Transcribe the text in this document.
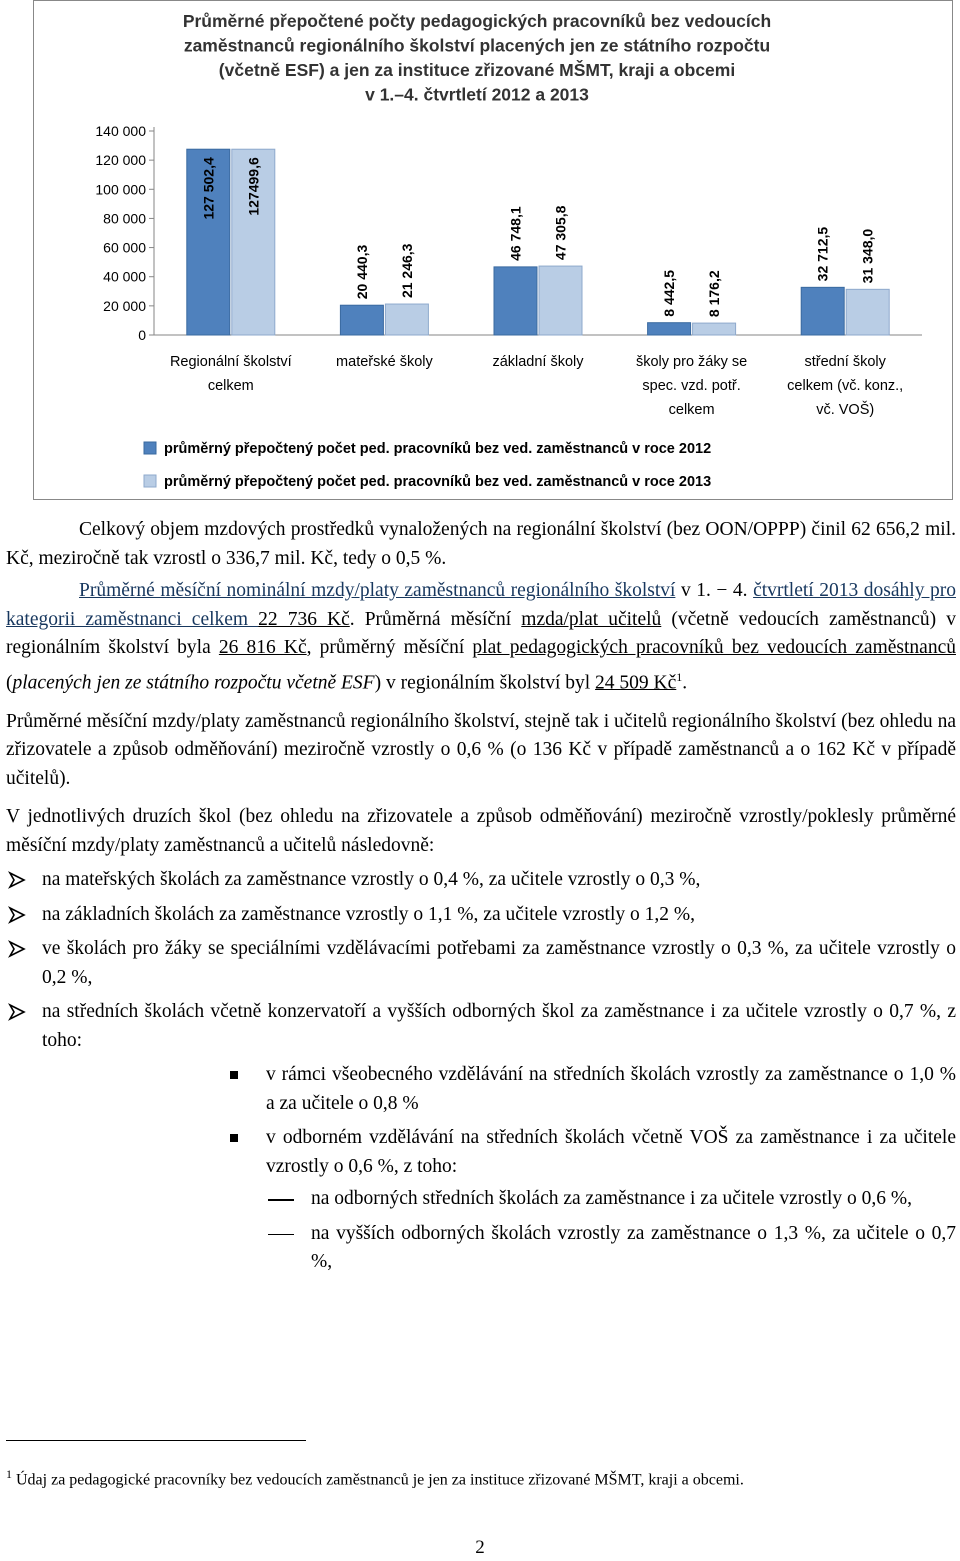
Průměrné přepočtené počty pedagogických pracovníků bez vedoucích
zaměstnanců regionálního školství placených jen ze státního rozpočtu
(včetně ESF) a jen za instituce zřizované MŠMT, kraji a obcemi
v 1.–4. čtvrtletí 2012 a 2013
0
20 000
40 000
60 000
80 000
100 000
120 000
140 000
127 502,4 127499,6
Regionální školství
celkem
20 440,3 21 246,3
mateřské školy
46 748,1 47 305,8
základní školy
8 442,5 8 176,2
školy pro žáky se
spec. vzd. potř.
celkem
32 712,5 31 348,0
střední školy
celkem (vč. konz.,
vč. VOŠ)
průměrný přepočtený počet ped. pracovníků bez ved. zaměstnanců v roce 2012
průměrný přepočtený počet ped. pracovníků bez ved. zaměstnanců v roce 2013

Celkový objem mzdových prostředků vynaložených na regionální školství (bez OON/OPPP) činil 62 656,2 mil. Kč, meziročně tak vzrostl o 336,7 mil. Kč, tedy o 0,5 %.

Průměrné měsíční nominální mzdy/platy zaměstnanců regionálního školství v 1. − 4. čtvrtletí 2013 dosáhly pro kategorii zaměstnanci celkem 22 736 Kč. Průměrná měsíční mzda/plat učitelů (včetně vedoucích zaměstnanců) v regionálním školství byla 26 816 Kč, průměrný měsíční plat pedagogických pracovníků bez vedoucích zaměstnanců (placených jen ze státního rozpočtu včetně ESF) v regionálním školství byl 24 509 $Kč^1$.

Průměrné měsíční mzdy/platy zaměstnanců regionálního školství, stejně tak i učitelů regionálního školství (bez ohledu na zřizovatele a způsob odměňování) meziročně vzrostly o 0,6 % (o 136 Kč v případě zaměstnanců a o 162 Kč v případě učitelů).

V jednotlivých druzích škol (bez ohledu na zřizovatele a způsob odměňování) meziročně vzrostly/poklesly průměrné měsíční mzdy/platy zaměstnanců a učitelů následovně:

na mateřských školách za zaměstnance vzrostly o 0,4 %, za učitele vzrostly o 0,3 %,
na základních školách za zaměstnance vzrostly o 1,1 %, za učitele vzrostly o 1,2 %,
ve školách pro žáky se speciálními vzdělávacími potřebami za zaměstnance vzrostly o 0,3 %, za učitele vzrostly o 0,2 %,
na středních školách včetně konzervatoří a vyšších odborných škol za zaměstnance i za učitele vzrostly o 0,7 %, z toho:
v rámci všeobecného vzdělávání na středních školách vzrostly za zaměstnance o 1,0 % a za učitele o 0,8 %
v odborném vzdělávání na středních školách včetně VOŠ za zaměstnance i za učitele vzrostly o 0,6 %, z toho:
na odborných středních školách za zaměstnance i za učitele vzrostly o 0,6 %,
na vyšších odborných školách vzrostly za zaměstnance o 1,3 %, za učitele o 0,7 %,
$^1$ Údaj za pedagogické pracovníky bez vedoucích zaměstnanců je jen za instituce zřizované MŠMT, kraji a obcemi.
2
